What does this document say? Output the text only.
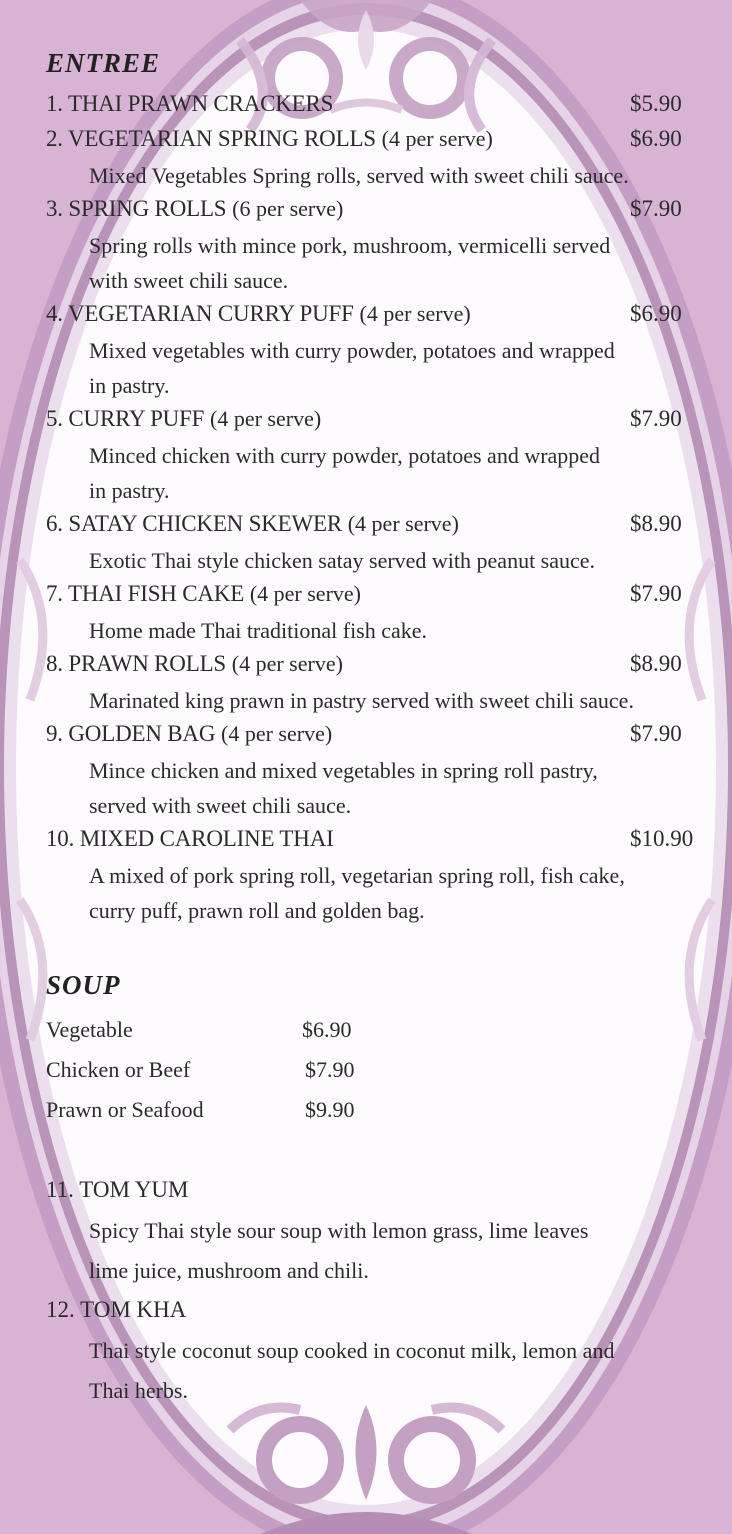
ENTREE
1. THAI PRAWN CRACKERS	$5.90
2. VEGETARIAN SPRING ROLLS (4 per serve)	$6.90
Mixed Vegetables Spring rolls, served with sweet chili sauce.
3. SPRING ROLLS (6 per serve)	$7.90
Spring rolls with mince pork, mushroom, vermicelli served
with sweet chili sauce.
4. VEGETARIAN CURRY PUFF (4 per serve)	$6.90
Mixed vegetables with curry powder, potatoes and wrapped
in pastry.
5. CURRY PUFF (4 per serve)	$7.90
Minced chicken with curry powder, potatoes and wrapped
in pastry.
6. SATAY CHICKEN SKEWER (4 per serve)	$8.90
Exotic Thai style chicken satay served with peanut sauce.
7. THAI FISH CAKE (4 per serve)	$7.90
Home made Thai traditional fish cake.
8. PRAWN ROLLS (4 per serve)	$8.90
Marinated king prawn in pastry served with sweet chili sauce.
9. GOLDEN BAG (4 per serve)	$7.90
Mince chicken and mixed vegetables in spring roll pastry,
served with sweet chili sauce.
10. MIXED CAROLINE THAI	$10.90
A mixed of pork spring roll, vegetarian spring roll, fish cake,
curry puff, prawn roll and golden bag.
SOUP
Vegetable	$6.90
Chicken or Beef	$7.90
Prawn or Seafood	$9.90
11. TOM YUM
Spicy Thai style sour soup with lemon grass, lime leaves
lime juice, mushroom and chili.
12. TOM KHA
Thai style coconut soup cooked in coconut milk, lemon and
Thai herbs.
